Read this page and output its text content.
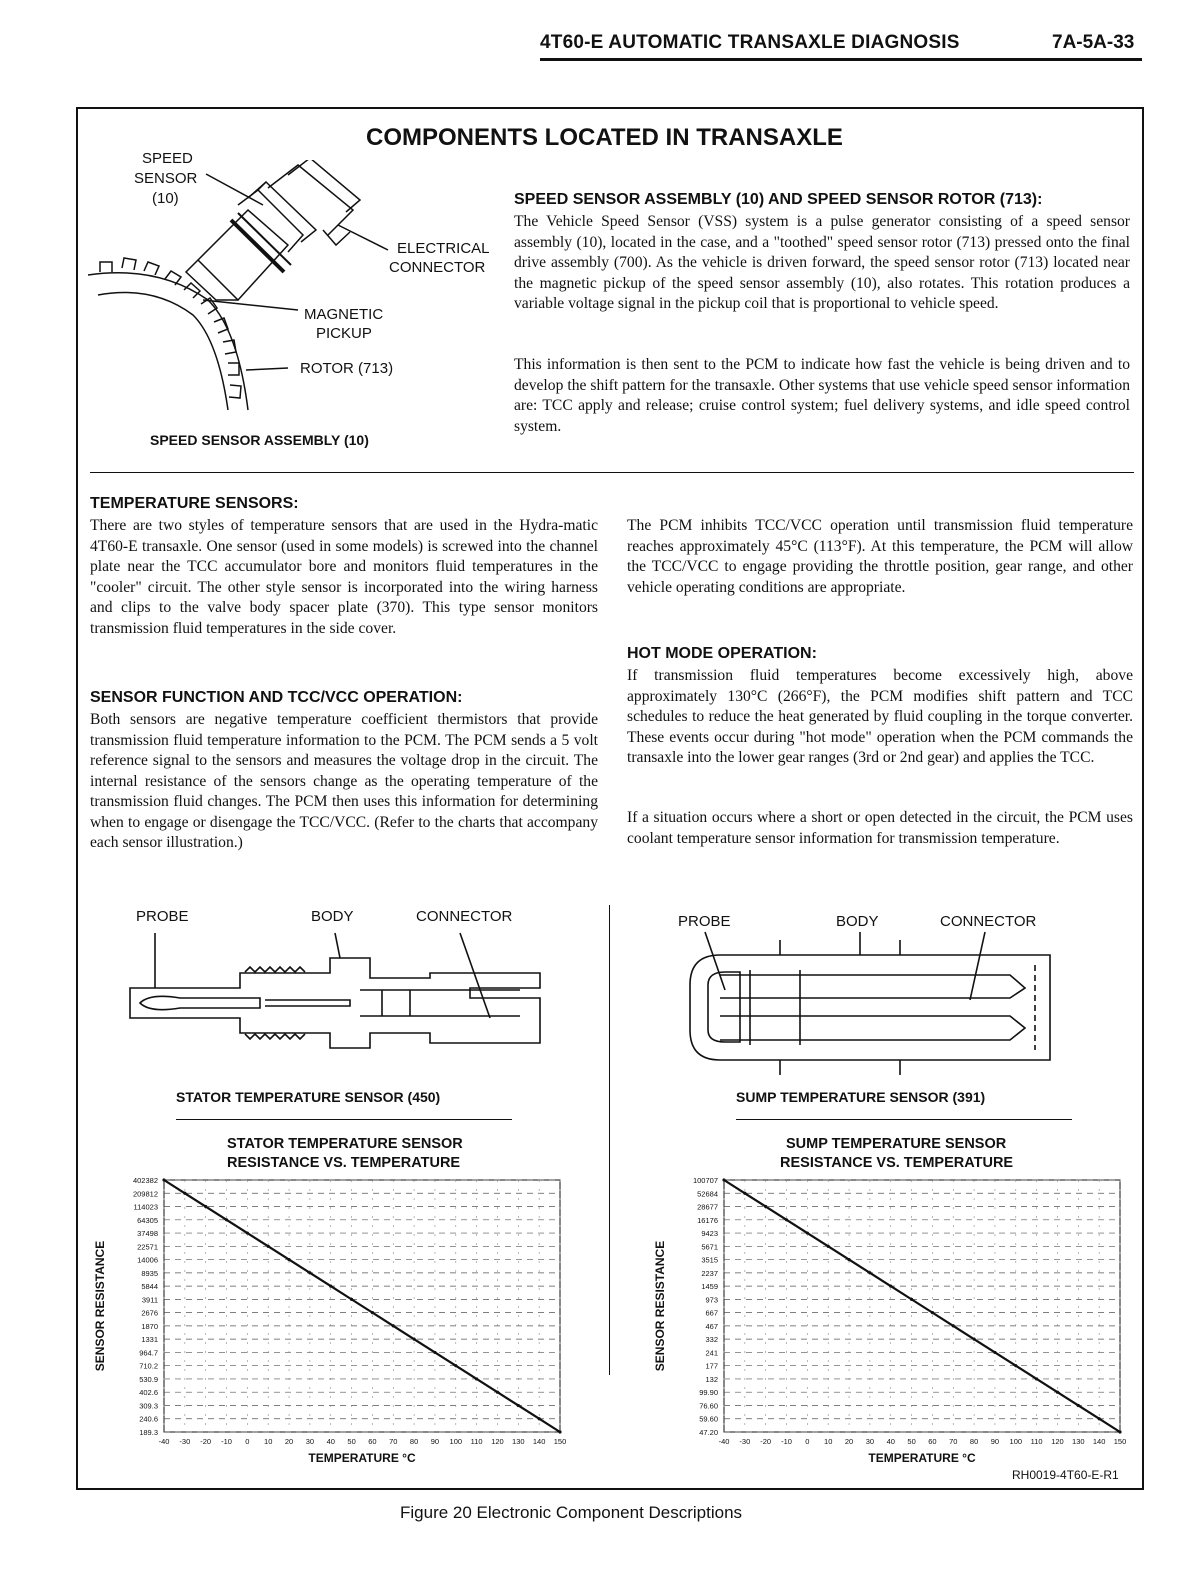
4T60-E AUTOMATIC TRANSAXLE DIAGNOSIS	7A-5A-33
COMPONENTS LOCATED IN TRANSAXLE
SPEED
SENSOR
(10)
ELECTRICAL
CONNECTOR
MAGNETIC
PICKUP
ROTOR (713)
SPEED SENSOR ASSEMBLY (10)
SPEED SENSOR ASSEMBLY (10) AND SPEED SENSOR ROTOR (713):
The Vehicle Speed Sensor (VSS) system is a pulse generator consisting of a speed sensor assembly (10), located in the case, and a "toothed" speed sensor rotor (713) pressed onto the final drive assembly (700). As the vehicle is driven forward, the speed sensor rotor (713) located near the magnetic pickup of the speed sensor assembly (10), also rotates. This rotation produces a variable voltage signal in the pickup coil that is proportional to vehicle speed.
This information is then sent to the PCM to indicate how fast the vehicle is being driven and to develop the shift pattern for the transaxle. Other systems that use vehicle speed sensor information are: TCC apply and release; cruise control system; fuel delivery systems, and idle speed control system.
TEMPERATURE SENSORS:
There are two styles of temperature sensors that are used in the Hydra-matic 4T60-E transaxle. One sensor (used in some models) is screwed into the channel plate near the TCC accumulator bore and monitors fluid temperatures in the "cooler" circuit. The other style sensor is incorporated into the wiring harness and clips to the valve body spacer plate (370). This type sensor monitors transmission fluid temperatures in the side cover.
SENSOR FUNCTION AND TCC/VCC OPERATION:
Both sensors are negative temperature coefficient thermistors that provide transmission fluid temperature information to the PCM. The PCM sends a 5 volt reference signal to the sensors and measures the voltage drop in the circuit. The internal resistance of the sensors change as the operating temperature of the transmission fluid changes. The PCM then uses this information for determining when to engage or disengage the TCC/VCC. (Refer to the charts that accompany each sensor illustration.)
The PCM inhibits TCC/VCC operation until transmission fluid temperature reaches approximately 45°C (113°F). At this temperature, the PCM will allow the TCC/VCC to engage providing the throttle position, gear range, and other vehicle operating conditions are appropriate.
HOT MODE OPERATION:
If transmission fluid temperatures become excessively high, above approximately 130°C (266°F), the PCM modifies shift pattern and TCC schedules to reduce the heat generated by fluid coupling in the torque converter. These events occur during "hot mode" operation when the PCM commands the transaxle into the lower gear ranges (3rd or 2nd gear) and applies the TCC.
If a situation occurs where a short or open detected in the circuit, the PCM uses coolant temperature sensor information for transmission temperature.
PROBE	BODY	CONNECTOR
STATOR TEMPERATURE SENSOR (450)
PROBE	BODY	CONNECTOR
SUMP TEMPERATURE SENSOR (391)
STATOR TEMPERATURE SENSOR
RESISTANCE VS. TEMPERATURE
402382
209812
114023
64305
37498
22571
14006
8935
5844
3911
2676
1870
1331
964.7
710.2
530.9
402.6
309.3
240.6
189.3
-40 -30 -20 -10 0 10 20 30 40 50 60 70 80 90 100 110 120 130 140 150
TEMPERATURE °C
SENSOR RESISTANCE
SUMP TEMPERATURE SENSOR
RESISTANCE VS. TEMPERATURE
100707
52684
28677
16176
9423
5671
3515
2237
1459
973
667
467
332
241
177
132
99.90
76.60
59.60
47.20
-40 -30 -20 -10 0 10 20 30 40 50 60 70 80 90 100 110 120 130 140 150
TEMPERATURE °C
SENSOR RESISTANCE
RH0019-4T60-E-R1
Figure 20 Electronic Component Descriptions
